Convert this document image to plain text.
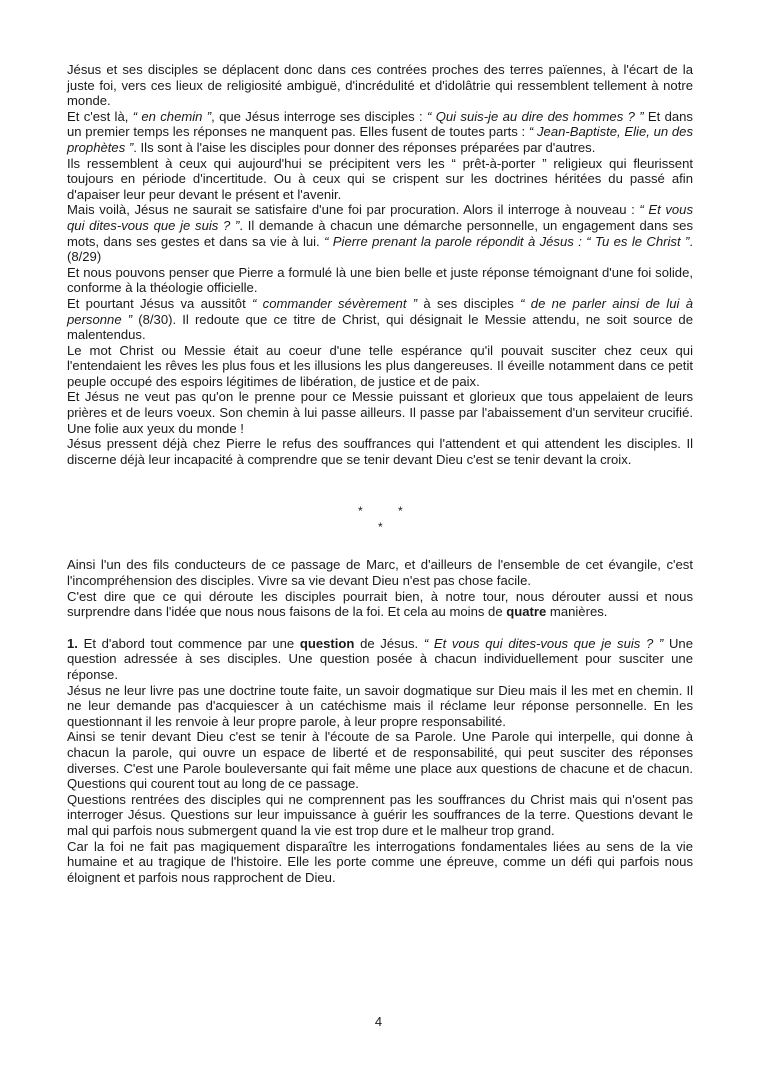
Jésus et ses disciples se déplacent donc dans ces contrées proches des terres païennes, à l'écart de la juste foi, vers ces lieux de religiosité ambiguë, d'incrédulité et d'idolâtrie qui ressemblent tellement à notre monde.

Et c'est là, “ en chemin ”, que Jésus interroge ses disciples : “ Qui suis-je au dire des hommes ? ” Et dans un premier temps les réponses ne manquent pas. Elles fusent de toutes parts : “ Jean-Baptiste, Elie, un des prophètes ”. Ils sont à l'aise les disciples pour donner des réponses préparées par d'autres.

Ils ressemblent à ceux qui aujourd'hui se précipitent vers les “ prêt-à-porter ” religieux qui fleurissent toujours en période d'incertitude. Ou à ceux qui se crispent sur les doctrines héritées du passé afin d'apaiser leur peur devant le présent et l'avenir.

Mais voilà, Jésus ne saurait se satisfaire d'une foi par procuration. Alors il interroge à nouveau : “ Et vous qui dites-vous que je suis ? ”. Il demande à chacun une démarche personnelle, un engagement dans ses mots, dans ses gestes et dans sa vie à lui. “ Pierre prenant la parole répondit à Jésus : “ Tu es le Christ ”. (8/29)

Et nous pouvons penser que Pierre a formulé là une bien belle et juste réponse témoignant d'une foi solide, conforme à la théologie officielle.

Et pourtant Jésus va aussitôt “ commander sévèrement ” à ses disciples “ de ne parler ainsi de lui à personne ” (8/30). Il redoute que ce titre de Christ, qui désignait le Messie attendu, ne soit source de malentendus.

Le mot Christ ou Messie était au coeur d'une telle espérance qu'il pouvait susciter chez ceux qui l'entendaient les rêves les plus fous et les illusions les plus dangereuses. Il éveille notamment dans ce petit peuple occupé des espoirs légitimes de libération, de justice et de paix.

Et Jésus ne veut pas qu'on le prenne pour ce Messie puissant et glorieux que tous appelaient de leurs prières et de leurs voeux. Son chemin à lui passe ailleurs. Il passe par l'abaissement d'un serviteur crucifié. Une folie aux yeux du monde !

Jésus pressent déjà chez Pierre le refus des souffrances qui l'attendent et qui attendent les disciples. Il discerne déjà leur incapacité à comprendre que se tenir devant Dieu c'est se tenir devant la croix.

*	*
*

Ainsi l'un des fils conducteurs de ce passage de Marc, et d'ailleurs de l'ensemble de cet évangile, c'est l'incompréhension des disciples. Vivre sa vie devant Dieu n'est pas chose facile.

C'est dire que ce qui déroute les disciples pourrait bien, à notre tour, nous dérouter aussi et nous surprendre dans l'idée que nous nous faisons de la foi. Et cela au moins de quatre manières.

1. Et d'abord tout commence par une question de Jésus. “ Et vous qui dites-vous que je suis ? ” Une question adressée à ses disciples. Une question posée à chacun individuellement pour susciter une réponse.

Jésus ne leur livre pas une doctrine toute faite, un savoir dogmatique sur Dieu mais il les met en chemin. Il ne leur demande pas d'acquiescer à un catéchisme mais il réclame leur réponse personnelle. En les questionnant il les renvoie à leur propre parole, à leur propre responsabilité.

Ainsi se tenir devant Dieu c'est se tenir à l'écoute de sa Parole. Une Parole qui interpelle, qui donne à chacun la parole, qui ouvre un espace de liberté et de responsabilité, qui peut susciter des réponses diverses. C'est une Parole bouleversante qui fait même une place aux questions de chacune et de chacun. Questions qui courent tout au long de ce passage.

Questions rentrées des disciples qui ne comprennent pas les souffrances du Christ mais qui n'osent pas interroger Jésus. Questions sur leur impuissance à guérir les souffrances de la terre. Questions devant le mal qui parfois nous submergent quand la vie est trop dure et le malheur trop grand.

Car la foi ne fait pas magiquement disparaître les interrogations fondamentales liées au sens de la vie humaine et au tragique de l'histoire. Elle les porte comme une épreuve, comme un défi qui parfois nous éloignent et parfois nous rapprochent de Dieu.

4
